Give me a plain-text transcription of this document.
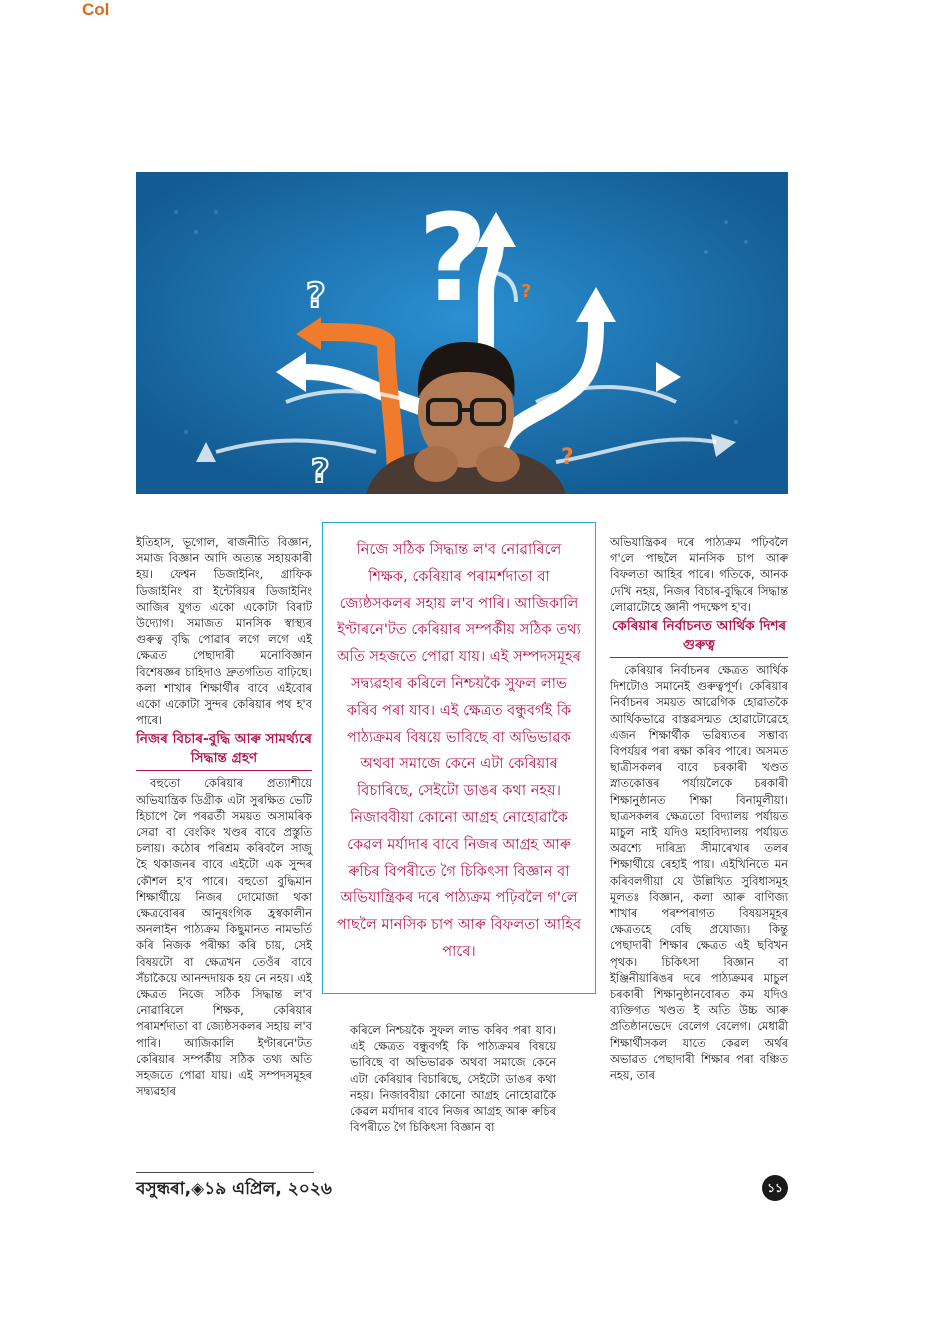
Col
?
?	?
?	?

ইতিহাস, ভূগোল, ৰাজনীতি বিজ্ঞান, সমাজ বিজ্ঞান আদি অত্যন্ত সহায়কাৰী হয়। ফেশ্বন ডিজাইনিং, গ্ৰাফিক ডিজাইনিং বা ইন্টেৰিয়ৰ ডিজাইনিং আজিৰ যুগত একো একোটা বিৰাট উদ্যোগ। সমাজত মানসিক স্বাস্থ্যৰ গুৰুত্ব বৃদ্ধি পোৱাৰ লগে লগে এই ক্ষেত্ৰত পেছাদাৰী মনোবিজ্ঞান বিশেষজ্ঞৰ চাহিদাও দ্ৰুতগতিত বাঢ়িছে। কলা শাখাৰ শিক্ষাৰ্থীৰ বাবে এইবোৰ একো একোটা সুন্দৰ কেৰিয়াৰ পথ হ'ব পাৰে।

নিজৰ বিচাৰ-বুদ্ধি আৰু সামৰ্থ্যৰে সিদ্ধান্ত গ্ৰহণ

বহুতো কেৰিয়াৰ প্ৰত্যাশীয়ে অভিযান্ত্ৰিক ডিগ্ৰীক এটা সুৰক্ষিত ভেটি হিচাপে লৈ পৰৱৰ্তী সময়ত অসামৰিক সেৱা বা বেংকিং খণ্ডৰ বাবে প্ৰস্তুতি চলায়। কঠোৰ পৰিশ্ৰম কৰিবলৈ সাজু হৈ থকাজনৰ বাবে এইটো এক সুন্দৰ কৌশল হ'ব পাৰে। বহুতো বুদ্ধিমান শিক্ষাৰ্থীয়ে নিজৰ দোমোজা থকা ক্ষেত্ৰবোৰৰ আনুষংগিক হ্ৰস্বকালীন অনলাইন পাঠ্যক্ৰম কিছুমানত নামভৰ্তি কৰি নিজক পৰীক্ষা কৰি চায়, সেই বিষয়টো বা ক্ষেত্ৰখন তেওঁৰ বাবে সঁচাকৈয়ে আনন্দদায়ক হয় নে নহয়। এই ক্ষেত্ৰত নিজে সঠিক সিদ্ধান্ত ল'ব নোৱাৰিলে শিক্ষক, কেৰিয়াৰ পৰামৰ্শদাতা বা জ্যেষ্ঠসকলৰ সহায় ল'ব পাৰি। আজিকালি ইণ্টাৰনে'টত কেৰিয়াৰ সম্পৰ্কীয় সঠিক তথ্য অতি সহজতে পোৱা যায়। এই সম্পদসমূহৰ সদ্ব্যৱহাৰ

নিজে সঠিক সিদ্ধান্ত ল'ব নোৱাৰিলে শিক্ষক, কেৰিয়াৰ পৰামৰ্শদাতা বা জ্যেষ্ঠসকলৰ সহায় ল'ব পাৰি। আজিকালি ইণ্টাৰনে'টত কেৰিয়াৰ সম্পৰ্কীয় সঠিক তথ্য অতি সহজতে পোৱা যায়। এই সম্পদসমূহৰ সদ্ব্যৱহাৰ কৰিলে নিশ্চয়কৈ সুফল লাভ কৰিব পৰা যাব। এই ক্ষেত্ৰত বন্ধুবৰ্গই কি পাঠ্যক্ৰমৰ বিষয়ে ভাবিছে বা অভিভাৱক অথবা সমাজে কেনে এটা কেৰিয়াৰ বিচাৰিছে, সেইটো ডাঙৰ কথা নহয়। নিজাববীয়া কোনো আগ্ৰহ নোহোৱাকৈ কেৱল মৰ্যাদাৰ বাবে নিজৰ আগ্ৰহ আৰু ৰুচিৰ বিপৰীতে গৈ চিকিৎসা বিজ্ঞান বা অভিযান্ত্ৰিকৰ দৰে পাঠ্যক্ৰম পঢ়িবলৈ গ'লে পাছলৈ মানসিক চাপ আৰু বিফলতা আহিব পাৰে।

কৰিলে নিশ্চয়কৈ সুফল লাভ কৰিব পৰা যাব। এই ক্ষেত্ৰত বন্ধুবৰ্গই কি পাঠ্যক্ৰমৰ বিষয়ে ভাবিছে বা অভিভাৱক অথবা সমাজে কেনে এটা কেৰিয়াৰ বিচাৰিছে, সেইটো ডাঙৰ কথা নহয়। নিজাববীয়া কোনো আগ্ৰহ নোহোৱাকৈ কেৱল মৰ্যাদাৰ বাবে নিজৰ আগ্ৰহ আৰু ৰুচিৰ বিপৰীতে গৈ চিকিৎসা বিজ্ঞান বা

অভিযান্ত্ৰিকৰ দৰে পাঠ্যক্ৰম পঢ়িবলৈ গ'লে পাছলৈ মানসিক চাপ আৰু বিফলতা আহিব পাৰে। গতিকে, আনক দেখি নহয়, নিজৰ বিচাৰ-বুদ্ধিৰে সিদ্ধান্ত লোৱাটোহে জ্ঞানী পদক্ষেপ হ'ব।

কেৰিয়াৰ নিৰ্বাচনত আৰ্থিক দিশৰ গুৰুত্ব

কেৰিয়াৰ নিৰ্বাচনৰ ক্ষেত্ৰত আৰ্থিক দিশটোও সমানেই গুৰুত্বপূৰ্ণ। কেৰিয়াৰ নিৰ্বাচনৰ সময়ত আৱেগিক হোৱাতকৈ আৰ্থিকভাৱে বাস্তৱসন্মত হোৱাটোৱেহে এজন শিক্ষাৰ্থীক ভৱিষ্যতৰ সম্ভাব্য বিপৰ্যয়ৰ পৰা ৰক্ষা কৰিব পাৰে। অসমত ছাত্ৰীসকলৰ বাবে চৰকাৰী খণ্ডত স্নাতকোত্তৰ পৰ্যায়লৈকে চৰকাৰী শিক্ষানুষ্ঠানত শিক্ষা বিনামূলীয়া। ছাত্ৰসকলৰ ক্ষেত্ৰতো বিদ্যালয় পৰ্যায়ত মাচুল নাই যদিও মহাবিদ্যালয় পৰ্যায়ত অৱশ্যে দাৰিদ্ৰ্য সীমাৰেখাৰ তলৰ শিক্ষাৰ্থীয়ে ৰেহাই পায়। এইখিনিতে মন কৰিবলগীয়া যে উল্লিখিত সুবিধাসমূহ মূলতঃ বিজ্ঞান, কলা আৰু বাণিজ্য শাখাৰ পৰম্পৰাগত বিষয়সমূহৰ ক্ষেত্ৰতহে বেছি প্ৰযোজ্য। কিন্তু পেছাদাৰী শিক্ষাৰ ক্ষেত্ৰত এই ছবিখন পৃথক। চিকিৎসা বিজ্ঞান বা ইঞ্জিনীয়াৰিঙৰ দৰে পাঠ্যক্ৰমৰ মাচুল চৰকাৰী শিক্ষানুষ্ঠানবোৰত কম যদিও ব্যক্তিগত খণ্ডত ই অতি উচ্চ আৰু প্ৰতিষ্ঠানভেদে বেলেগ বেলেগ। মেধাৱী শিক্ষাৰ্থীসকল যাতে কেৱল অৰ্থৰ অভাৱত পেছাদাৰী শিক্ষাৰ পৰা বঞ্চিত নহয়, তাৰ

বসুন্ধৰা,◈১৯ এপ্ৰিল, ২০২৬	১১
